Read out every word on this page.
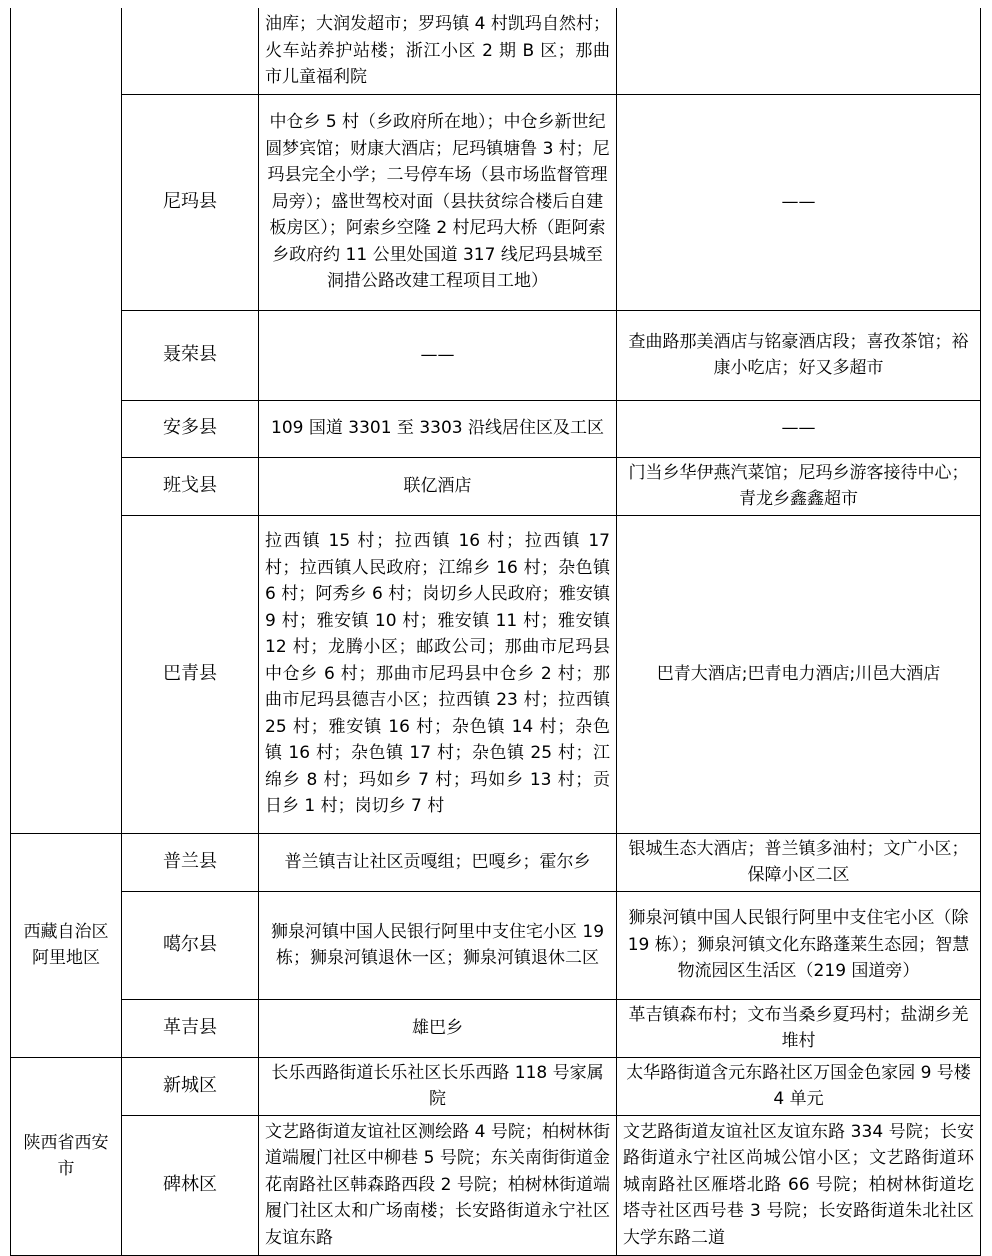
		油库；大润发超市；罗玛镇 4 村凯玛自然村；火车站养护站楼；浙江小区 2 期 B 区；那曲市儿童福利院	
	尼玛县	中仓乡 5 村（乡政府所在地）；中仓乡新世纪圆梦宾馆；财康大酒店；尼玛镇塘鲁 3 村；尼玛县完全小学；二号停车场（县市场监督管理局旁）；盛世驾校对面（县扶贫综合楼后自建板房区）；阿索乡空隆 2 村尼玛大桥（距阿索乡政府约 11 公里处国道 317 线尼玛县城至洞措公路改建工程项目工地）	——
	聂荣县	——	查曲路那美酒店与铭豪酒店段；喜孜茶馆；裕康小吃店；好又多超市
	安多县	109 国道 3301 至 3303 沿线居住区及工区	——
	班戈县	联亿酒店	门当乡华伊燕汽菜馆；尼玛乡游客接待中心；青龙乡鑫鑫超市
	巴青县	拉西镇 15 村；拉西镇 16 村；拉西镇 17 村；拉西镇人民政府；江绵乡 16 村；杂色镇 6 村；阿秀乡 6 村；岗切乡人民政府；雅安镇 9 村；雅安镇 10 村；雅安镇 11 村；雅安镇 12 村；龙腾小区；邮政公司；那曲市尼玛县中仓乡 6 村；那曲市尼玛县中仓乡 2 村；那曲市尼玛县德吉小区；拉西镇 23 村；拉西镇 25 村；雅安镇 16 村；杂色镇 14 村；杂色镇 16 村；杂色镇 17 村；杂色镇 25 村；江绵乡 8 村；玛如乡 7 村；玛如乡 13 村；贡日乡 1 村；岗切乡 7 村	巴青大酒店;巴青电力酒店;川邑大酒店
西藏自治区阿里地区	普兰县	普兰镇吉让社区贡嘎组；巴嘎乡；霍尔乡	银城生态大酒店；普兰镇多油村；文广小区；保障小区二区
	噶尔县	狮泉河镇中国人民银行阿里中支住宅小区 19 栋；狮泉河镇退休一区；狮泉河镇退休二区	狮泉河镇中国人民银行阿里中支住宅小区（除 19 栋）；狮泉河镇文化东路蓬莱生态园；智慧物流园区生活区（219 国道旁）
	革吉县	雄巴乡	革吉镇森布村；文布当桑乡夏玛村；盐湖乡羌堆村
陕西省西安市	新城区	长乐西路街道长乐社区长乐西路 118 号家属院	太华路街道含元东路社区万国金色家园 9 号楼 4 单元
	碑林区	文艺路街道友谊社区测绘路 4 号院；柏树林街道端履门社区中柳巷 5 号院；东关南街街道金花南路社区韩森路西段 2 号院；柏树林街道端履门社区太和广场南楼；长安路街道永宁社区友谊东路	文艺路街道友谊社区友谊东路 334 号院；长安路街道永宁社区尚城公馆小区；文艺路街道环城南路社区雁塔北路 66 号院；柏树林街道圪塔寺社区西号巷 3 号院；长安路街道朱北社区大学东路二道
